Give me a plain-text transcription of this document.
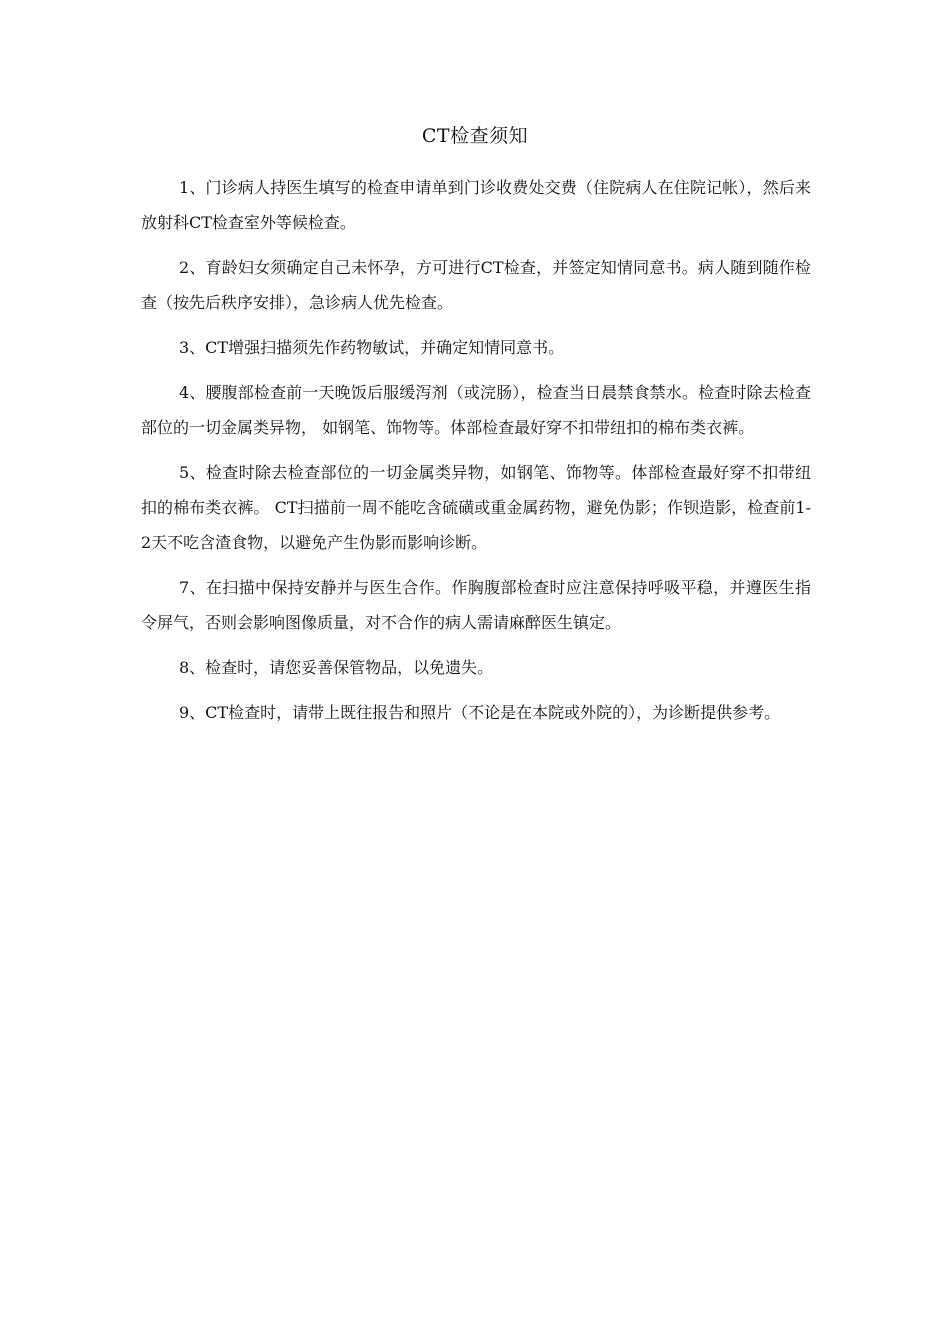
CT检查须知

1、门诊病人持医生填写的检查申请单到门诊收费处交费（住院病人在住院记帐），然后来放射科CT检查室外等候检查。

2、育龄妇女须确定自己未怀孕，方可进行CT检查，并签定知情同意书。病人随到随作检查（按先后秩序安排），急诊病人优先检查。

3、CT增强扫描须先作药物敏试，并确定知情同意书。

4、腰腹部检查前一天晚饭后服缓泻剂（或浣肠），检查当日晨禁食禁水。检查时除去检查部位的一切金属类异物， 如钢笔、饰物等。体部检查最好穿不扣带纽扣的棉布类衣裤。

5、检查时除去检查部位的一切金属类异物，如钢笔、饰物等。体部检查最好穿不扣带纽扣的棉布类衣裤。 CT扫描前一周不能吃含硫磺或重金属药物，避免伪影；作钡造影，检查前1-2天不吃含渣食物，以避免产生伪影而影响诊断。

7、在扫描中保持安静并与医生合作。作胸腹部检查时应注意保持呼吸平稳，并遵医生指令屏气，否则会影响图像质量，对不合作的病人需请麻醉医生镇定。

8、检查时，请您妥善保管物品，以免遗失。

9、CT检查时，请带上既往报告和照片（不论是在本院或外院的），为诊断提供参考。
